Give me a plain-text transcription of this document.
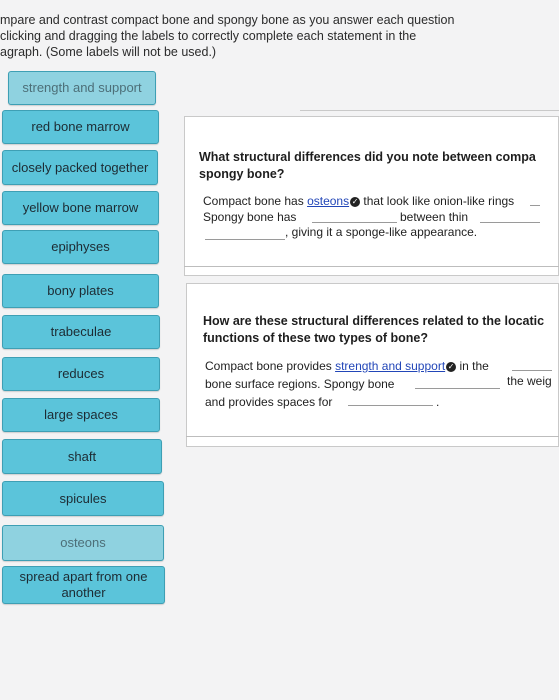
mpare and contrast compact bone and spongy bone as you answer each question
clicking and dragging the labels to correctly complete each statement in the
agraph. (Some labels will not be used.)
strength and support
red bone marrow
closely packed together
yellow bone marrow
epiphyses
bony plates
trabeculae
reduces
large spaces
shaft
spicules
osteons
spread apart from one another
What structural differences did you note between compa
spongy bone?
Compact bone has osteons ✓ that look like onion-like rings
Spongy bone has	between thin
, giving it a sponge-like appearance.
How are these structural differences related to the locatic
functions of these two types of bone?
Compact bone provides strength and support ✓ in the
bone surface regions. Spongy bone	the weig
and provides spaces for	.
